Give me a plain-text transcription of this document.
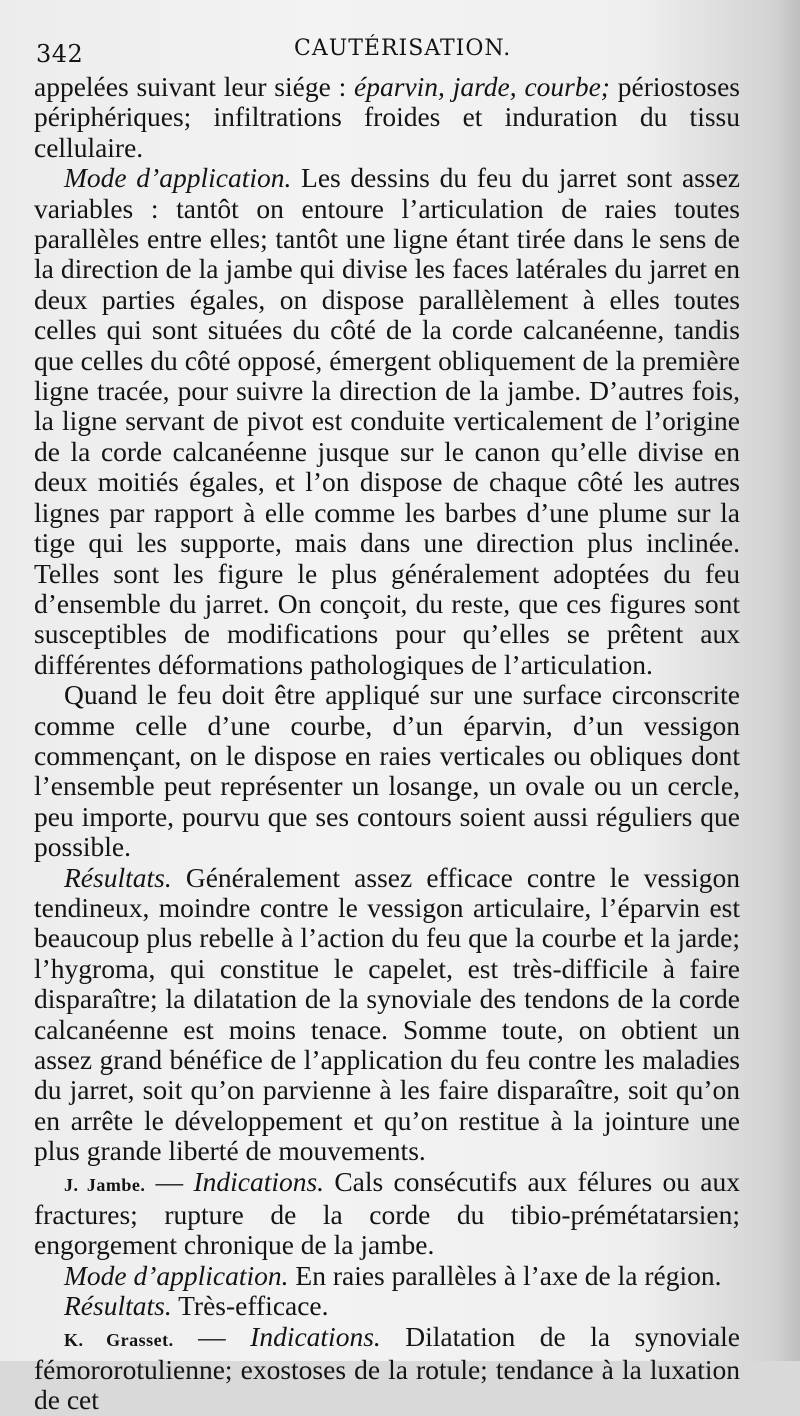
342	CAUTÉRISATION.

appelées suivant leur siége : éparvin, jarde, courbe; périostoses périphériques; infiltrations froides et induration du tissu cellulaire.

Mode d’application. Les dessins du feu du jarret sont assez variables : tantôt on entoure l’articulation de raies toutes parallèles entre elles; tantôt une ligne étant tirée dans le sens de la direction de la jambe qui divise les faces latérales du jarret en deux parties égales, on dispose parallèlement à elles toutes celles qui sont situées du côté de la corde calcanéenne, tandis que celles du côté opposé, émergent obliquement de la première ligne tracée, pour suivre la direction de la jambe. D’autres fois, la ligne servant de pivot est conduite verticalement de l’origine de la corde calcanéenne jusque sur le canon qu’elle divise en deux moitiés égales, et l’on dispose de chaque côté les autres lignes par rapport à elle comme les barbes d’une plume sur la tige qui les supporte, mais dans une direction plus inclinée. Telles sont les figure le plus généralement adoptées du feu d’ensemble du jarret. On conçoit, du reste, que ces figures sont susceptibles de modifications pour qu’elles se prêtent aux différentes déformations pathologiques de l’articulation.

Quand le feu doit être appliqué sur une surface circonscrite comme celle d’une courbe, d’un éparvin, d’un vessigon commençant, on le dispose en raies verticales ou obliques dont l’ensemble peut représenter un losange, un ovale ou un cercle, peu importe, pourvu que ses contours soient aussi réguliers que possible.

Résultats. Généralement assez efficace contre le vessigon tendineux, moindre contre le vessigon articulaire, l’éparvin est beaucoup plus rebelle à l’action du feu que la courbe et la jarde; l’hygroma, qui constitue le capelet, est très-difficile à faire disparaître; la dilatation de la synoviale des tendons de la corde calcanéenne est moins tenace. Somme toute, on obtient un assez grand bénéfice de l’application du feu contre les maladies du jarret, soit qu’on parvienne à les faire disparaître, soit qu’on en arrête le développement et qu’on restitue à la jointure une plus grande liberté de mouvements.

J. Jambe. — Indications. Cals consécutifs aux félures ou aux fractures; rupture de la corde du tibio-prémétatarsien; engorgement chronique de la jambe.

Mode d’application. En raies parallèles à l’axe de la région.

Résultats. Très-efficace.

K. Grasset. — Indications. Dilatation de la synoviale fémororotulienne; exostoses de la rotule; tendance à la luxation de cet
